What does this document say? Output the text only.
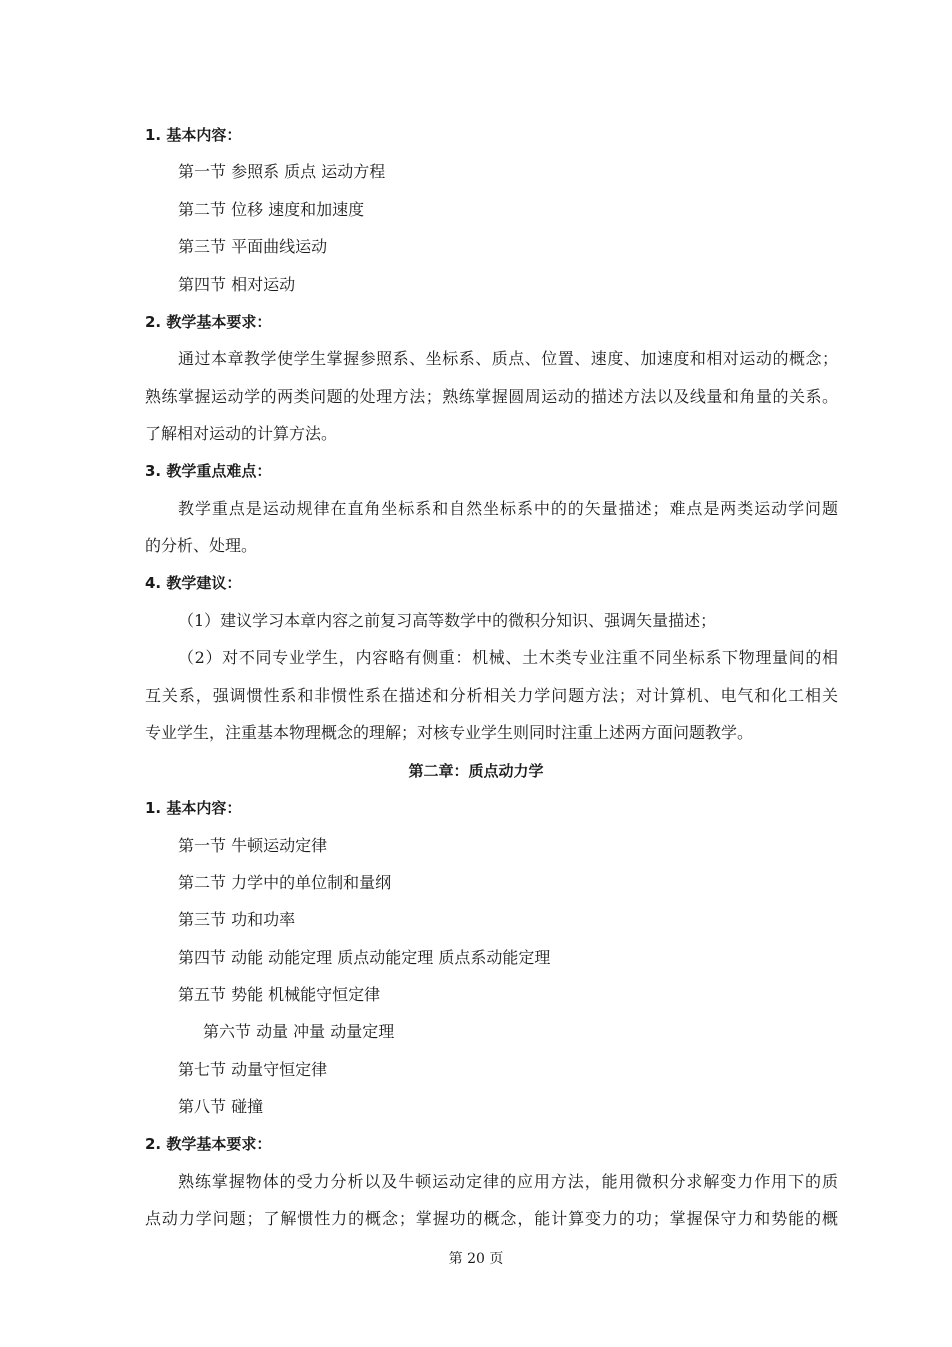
1. 基本内容：
第一节 参照系 质点 运动方程
第二节 位移 速度和加速度
第三节 平面曲线运动
第四节 相对运动
2. 教学基本要求：
通过本章教学使学生掌握参照系、坐标系、质点、位置、速度、加速度和相对运动的概念；
熟练掌握运动学的两类问题的处理方法；熟练掌握圆周运动的描述方法以及线量和角量的关系。
了解相对运动的计算方法。
3. 教学重点难点：
教学重点是运动规律在直角坐标系和自然坐标系中的的矢量描述；难点是两类运动学问题
的分析、处理。
4. 教学建议：
（1）建议学习本章内容之前复习高等数学中的微积分知识、强调矢量描述；
（2）对不同专业学生，内容略有侧重：机械、土木类专业注重不同坐标系下物理量间的相
互关系，强调惯性系和非惯性系在描述和分析相关力学问题方法；对计算机、电气和化工相关
专业学生，注重基本物理概念的理解；对核专业学生则同时注重上述两方面问题教学。
第二章：质点动力学
1. 基本内容：
第一节 牛顿运动定律
第二节 力学中的单位制和量纲
第三节 功和功率
第四节 动能 动能定理 质点动能定理 质点系动能定理
第五节 势能 机械能守恒定律
第六节 动量 冲量 动量定理
第七节 动量守恒定律
第八节 碰撞
2. 教学基本要求：
熟练掌握物体的受力分析以及牛顿运动定律的应用方法，能用微积分求解变力作用下的质
点动力学问题；了解惯性力的概念；掌握功的概念，能计算变力的功；掌握保守力和势能的概
第 20 页
